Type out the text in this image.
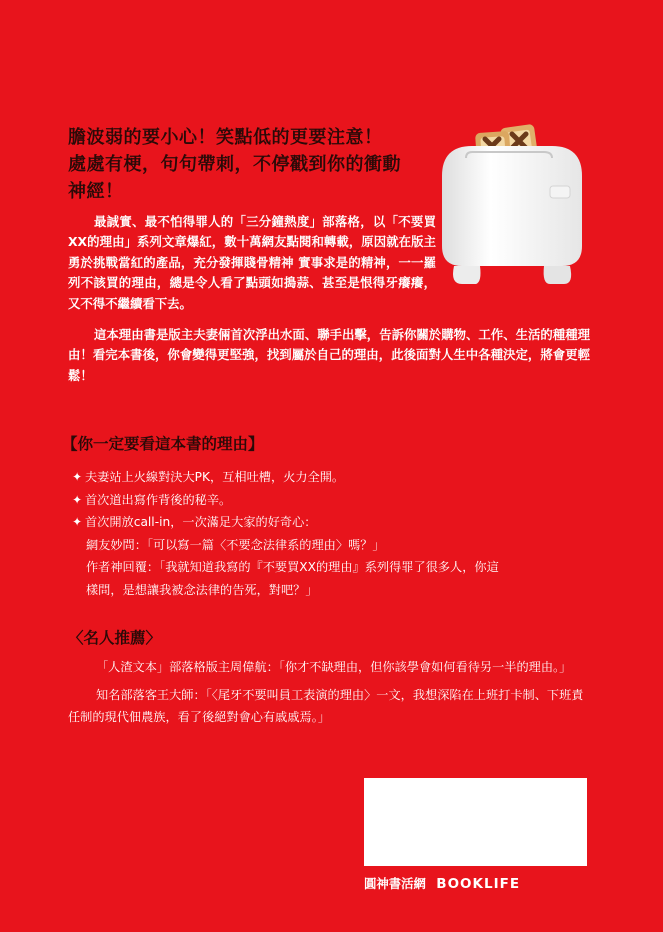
膽波弱的要小心！笑點低的更要注意！
處處有梗，句句帶刺，不停戳到你的衝動
神經！

最誠實、最不怕得罪人的「三分鐘熱度」部落格，以「不要買XX的理由」系列文章爆紅，數十萬網友點閱和轉載，原因就在版主勇於挑戰當紅的產品，充分發揮賤骨精神 實事求是的精神，一一羅列不該買的理由，總是令人看了點頭如搗蒜、甚至是恨得牙癢癢，又不得不繼續看下去。

這本理由書是版主夫妻倆首次浮出水面、聯手出擊，告訴你關於購物、工作、生活的種種理由！看完本書後，你會變得更堅強，找到屬於自己的理由，此後面對人生中各種決定，將會更輕鬆！

【你一定要看這本書的理由】
✦ 夫妻站上火線對決大PK，互相吐槽，火力全開。
✦ 首次道出寫作背後的秘辛。
✦ 首次開放call-in，一次滿足大家的好奇心：
網友妙問：「可以寫一篇〈不要念法律系的理由〉嗎？」
作者神回覆：「我就知道我寫的『不要買XX的理由』系列得罪了很多人，你這
樣問，是想讓我被念法律的告死，對吧？」
〈名人推薦〉

「人渣文本」部落格版主周偉航：「你才不缺理由，但你該學會如何看待另一半的理由。」

知名部落客王大師：「〈尾牙不要叫員工表演的理由〉一文，我想深陷在上班打卡制、下班責任制的現代佃農族，看了後絕對會心有戚戚焉。」

圓神書活網 BOOKLIFE
